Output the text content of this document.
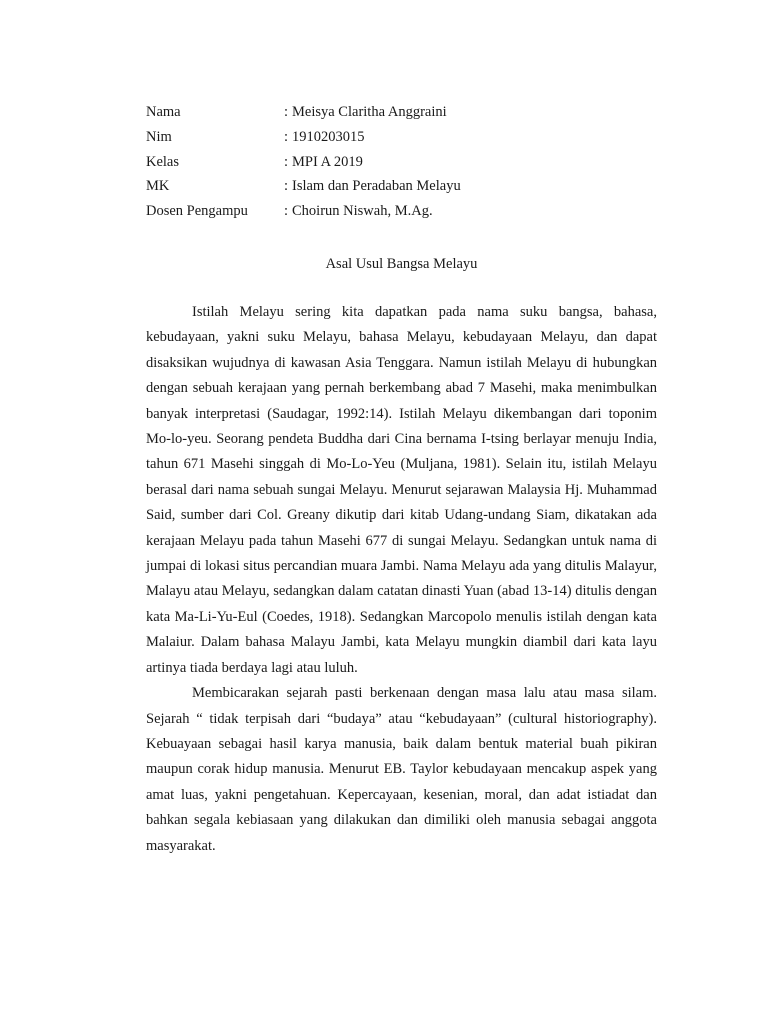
Nama	: Meisya Claritha Anggraini
Nim	: 1910203015
Kelas	: MPI A 2019
MK	: Islam dan Peradaban Melayu
Dosen Pengampu	: Choirun Niswah, M.Ag.
Asal Usul Bangsa Melayu

Istilah Melayu sering kita dapatkan pada nama suku bangsa, bahasa, kebudayaan, yakni suku Melayu, bahasa Melayu, kebudayaan Melayu, dan dapat disaksikan wujudnya di kawasan Asia Tenggara. Namun istilah Melayu di hubungkan dengan sebuah kerajaan yang pernah berkembang abad 7 Masehi, maka menimbulkan banyak interpretasi (Saudagar, 1992:14). Istilah Melayu dikembangan dari toponim Mo-lo-yeu. Seorang pendeta Buddha dari Cina bernama I-tsing berlayar menuju India, tahun 671 Masehi singgah di Mo-Lo-Yeu (Muljana, 1981). Selain itu, istilah Melayu berasal dari nama sebuah sungai Melayu. Menurut sejarawan Malaysia Hj. Muhammad Said, sumber dari Col. Greany dikutip dari kitab Udang-undang Siam, dikatakan ada kerajaan Melayu pada tahun Masehi 677 di sungai Melayu. Sedangkan untuk nama di jumpai di lokasi situs percandian muara Jambi. Nama Melayu ada yang ditulis Malayur, Malayu atau Melayu, sedangkan dalam catatan dinasti Yuan (abad 13-14) ditulis dengan kata Ma-Li-Yu-Eul (Coedes, 1918). Sedangkan Marcopolo menulis istilah dengan kata Malaiur. Dalam bahasa Malayu Jambi, kata Melayu mungkin diambil dari kata layu artinya tiada berdaya lagi atau luluh.

Membicarakan sejarah pasti berkenaan dengan masa lalu atau masa silam. Sejarah “ tidak terpisah dari “budaya” atau “kebudayaan” (cultural historiography). Kebuayaan sebagai hasil karya manusia, baik dalam bentuk material buah pikiran maupun corak hidup manusia. Menurut EB. Taylor kebudayaan mencakup aspek yang amat luas, yakni pengetahuan. Kepercayaan, kesenian, moral, dan adat istiadat dan bahkan segala kebiasaan yang dilakukan dan dimiliki oleh manusia sebagai anggota masyarakat.
